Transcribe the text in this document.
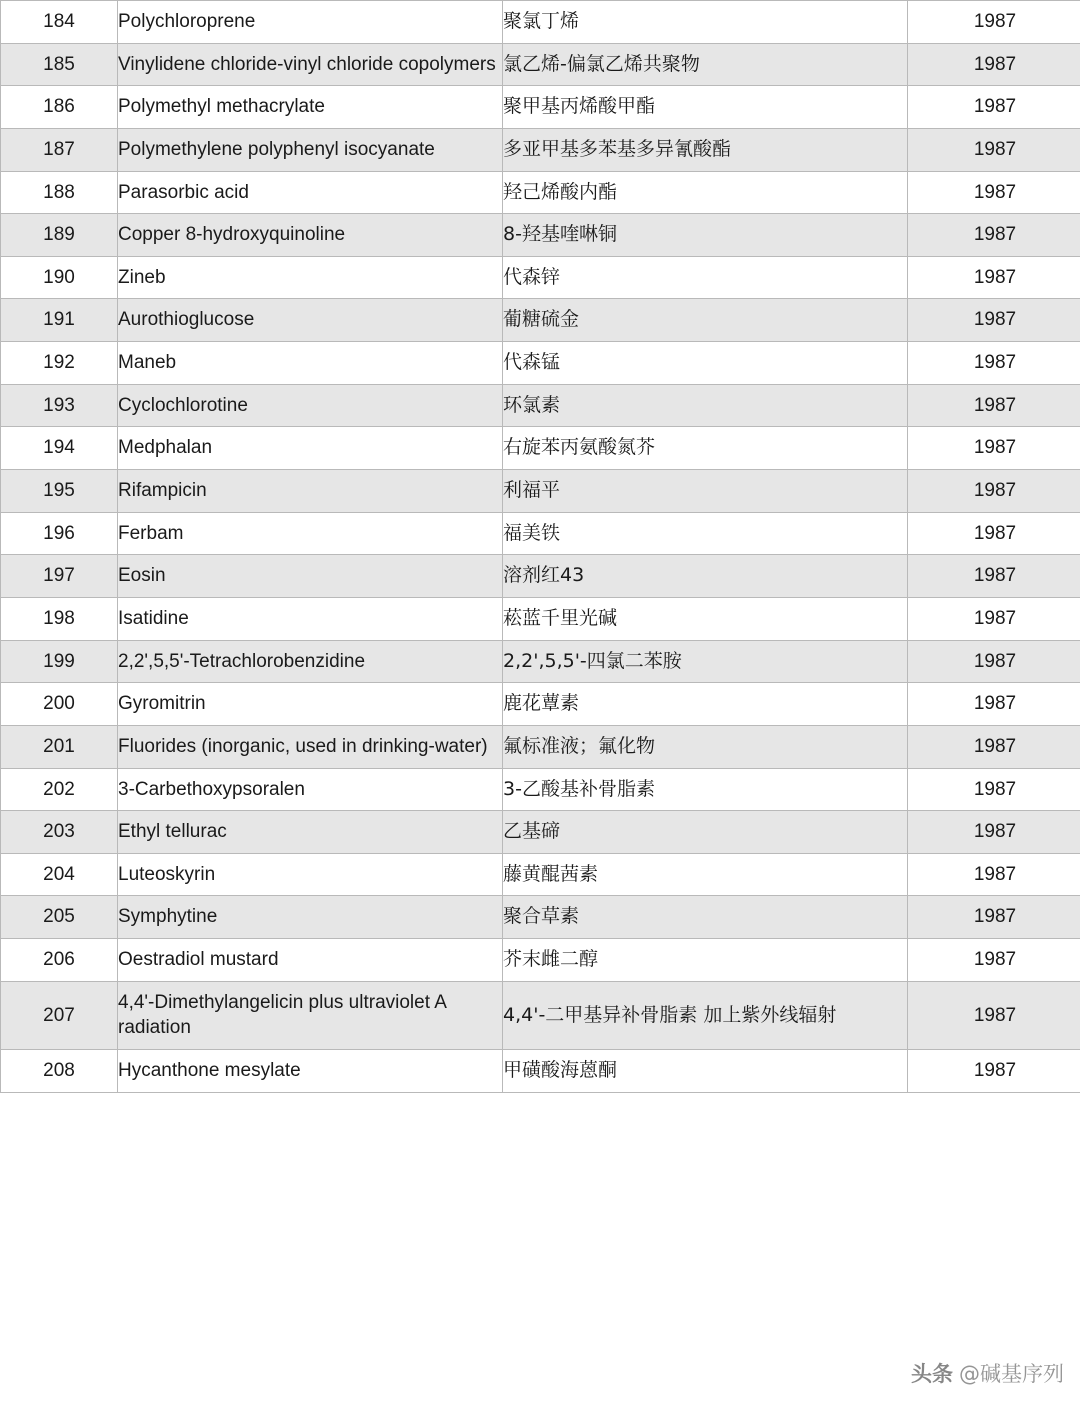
184	Polychloroprene	聚氯丁烯	1987
185	Vinylidene chloride-vinyl chloride copolymers	氯乙烯-偏氯乙烯共聚物	1987
186	Polymethyl methacrylate	聚甲基丙烯酸甲酯	1987
187	Polymethylene polyphenyl isocyanate	多亚甲基多苯基多异氰酸酯	1987
188	Parasorbic acid	羟己烯酸内酯	1987
189	Copper 8-hydroxyquinoline	8-羟基喹啉铜	1987
190	Zineb	代森锌	1987
191	Aurothioglucose	葡糖硫金	1987
192	Maneb	代森锰	1987
193	Cyclochlorotine	环氯素	1987
194	Medphalan	右旋苯丙氨酸氮芥	1987
195	Rifampicin	利福平	1987
196	Ferbam	福美铁	1987
197	Eosin	溶剂红43	1987
198	Isatidine	菘蓝千里光碱	1987
199	2,2',5,5'-Tetrachlorobenzidine	2,2',5,5'-四氯二苯胺	1987
200	Gyromitrin	鹿花蕈素	1987
201	Fluorides (inorganic, used in drinking-water)	氟标准液；氟化物	1987
202	3-Carbethoxypsoralen	3-乙酸基补骨脂素	1987
203	Ethyl tellurac	乙基碲	1987
204	Luteoskyrin	藤黄醌茜素	1987
205	Symphytine	聚合草素	1987
206	Oestradiol mustard	芥末雌二醇	1987
207	4,4'-Dimethylangelicin plus ultraviolet A radiation	4,4'-二甲基异补骨脂素 加上紫外线辐射	1987
208	Hycanthone mesylate	甲磺酸海蒽酮	1987
头条 @碱基序列
